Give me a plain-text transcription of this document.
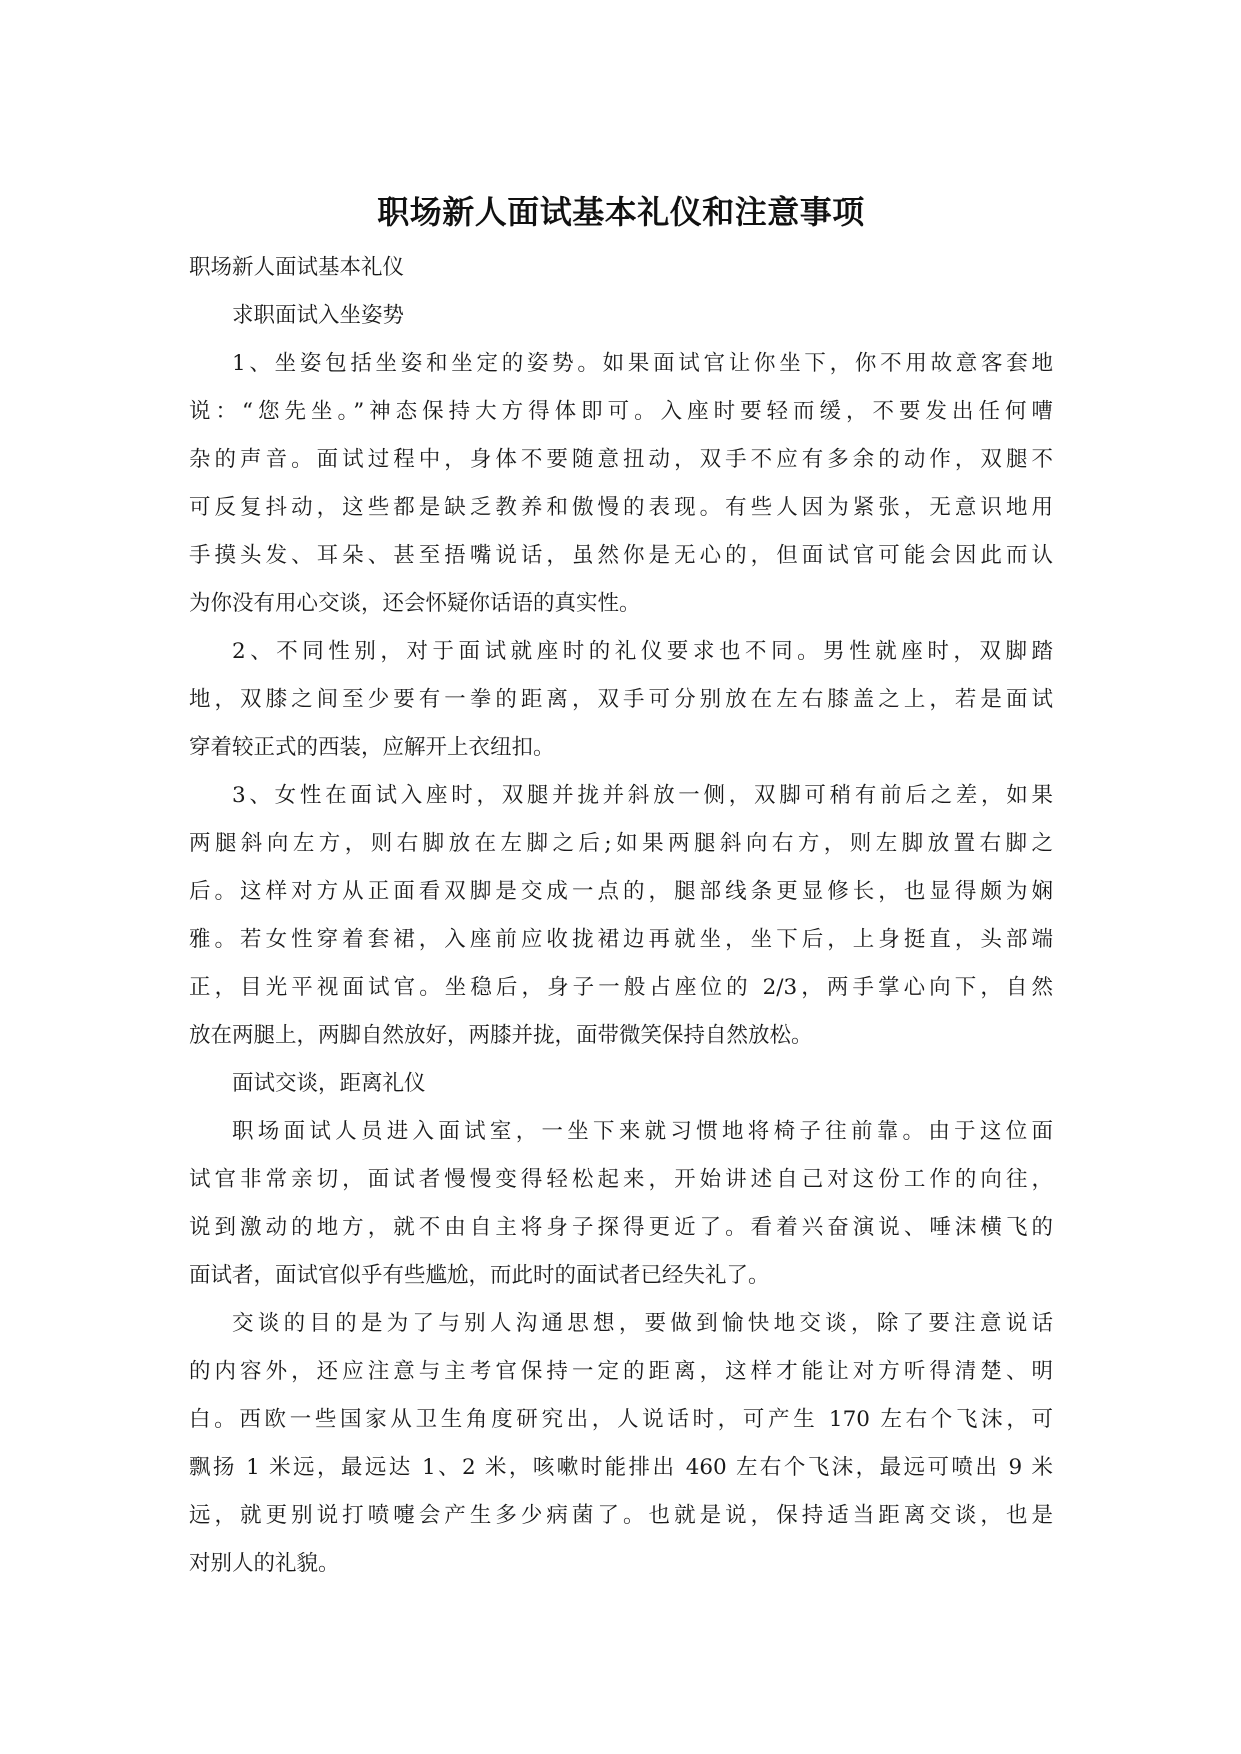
职场新人面试基本礼仪和注意事项

职场新人面试基本礼仪

求职面试入坐姿势

1、坐姿包括坐姿和坐定的姿势。如果面试官让你坐下，你不用故意客套地
说：“您先坐。”神态保持大方得体即可。入座时要轻而缓，不要发出任何嘈
杂的声音。面试过程中，身体不要随意扭动，双手不应有多余的动作，双腿不
可反复抖动，这些都是缺乏教养和傲慢的表现。有些人因为紧张，无意识地用
手摸头发、耳朵、甚至捂嘴说话，虽然你是无心的，但面试官可能会因此而认
为你没有用心交谈，还会怀疑你话语的真实性。
2、不同性别，对于面试就座时的礼仪要求也不同。男性就座时，双脚踏
地，双膝之间至少要有一拳的距离，双手可分别放在左右膝盖之上，若是面试
穿着较正式的西装，应解开上衣纽扣。
3、女性在面试入座时，双腿并拢并斜放一侧，双脚可稍有前后之差，如果
两腿斜向左方，则右脚放在左脚之后;如果两腿斜向右方，则左脚放置右脚之
后。这样对方从正面看双脚是交成一点的，腿部线条更显修长，也显得颇为娴
雅。若女性穿着套裙，入座前应收拢裙边再就坐，坐下后，上身挺直，头部端
正，目光平视面试官。坐稳后，身子一般占座位的 2/3，两手掌心向下，自然
放在两腿上，两脚自然放好，两膝并拢，面带微笑保持自然放松。

面试交谈，距离礼仪

职场面试人员进入面试室，一坐下来就习惯地将椅子往前靠。由于这位面
试官非常亲切，面试者慢慢变得轻松起来，开始讲述自己对这份工作的向往，
说到激动的地方，就不由自主将身子探得更近了。看着兴奋演说、唾沫横飞的
面试者，面试官似乎有些尴尬，而此时的面试者已经失礼了。
交谈的目的是为了与别人沟通思想，要做到愉快地交谈，除了要注意说话
的内容外，还应注意与主考官保持一定的距离，这样才能让对方听得清楚、明
白。西欧一些国家从卫生角度研究出，人说话时，可产生 170 左右个飞沫，可
飘扬 1 米远，最远达 1、2 米，咳嗽时能排出 460 左右个飞沫，最远可喷出 9 米
远，就更别说打喷嚏会产生多少病菌了。也就是说，保持适当距离交谈，也是
对别人的礼貌。
